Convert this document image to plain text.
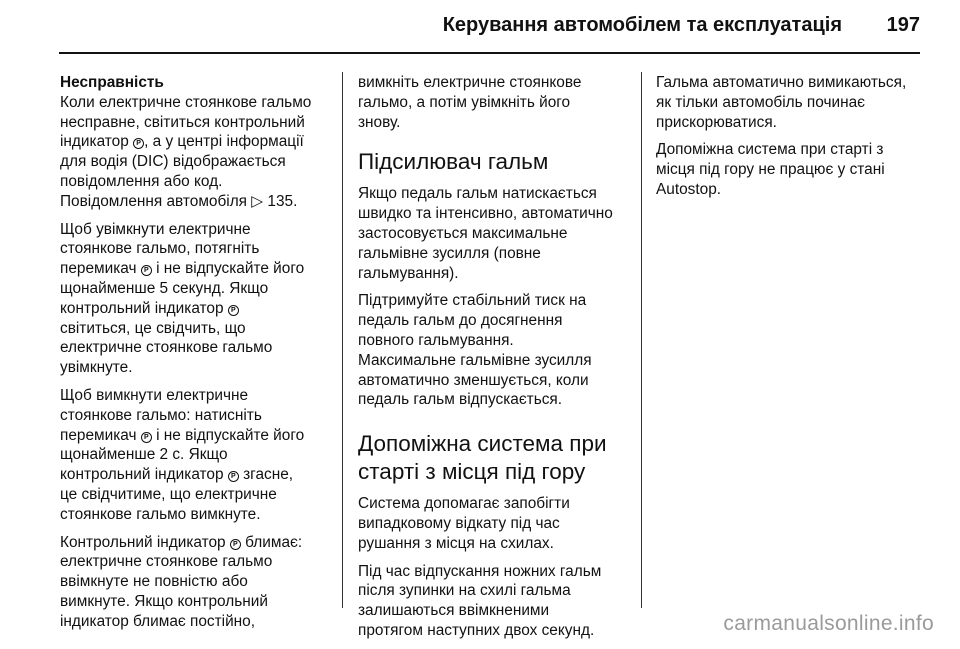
Керування автомобілем та експлуатація 197

Несправність

Коли електричне стоянкове гальмо
несправне, світиться контрольний
індикатор P , а у центрі інформації
для водія (DIC) відображається
повідомлення або код.
Повідомлення автомобіля ▷ 135.

Щоб увімкнути електричне
стоянкове гальмо, потягніть
перемикач P і не відпускайте його
щонайменше 5 секунд. Якщо
контрольний індикатор P
світиться, це свідчить, що
електричне стоянкове гальмо
увімкнуте.

Щоб вимкнути електричне
стоянкове гальмо: натисніть
перемикач P і не відпускайте його
щонайменше 2 с. Якщо
контрольний індикатор P згасне,
це свідчитиме, що електричне
стоянкове гальмо вимкнуте.

Контрольний індикатор P блимає:
електричне стоянкове гальмо
ввімкнуте не повністю або
вимкнуте. Якщо контрольний
індикатор блимає постійно,

вимкніть електричне стоянкове
гальмо, а потім увімкніть його
знову.

Підсилювач гальм

Якщо педаль гальм натискається
швидко та інтенсивно, автоматично
застосовується максимальне
гальмівне зусилля (повне
гальмування).

Підтримуйте стабільний тиск на
педаль гальм до досягнення
повного гальмування.
Максимальне гальмівне зусилля
автоматично зменшується, коли
педаль гальм відпускається.

Допоміжна система при
старті з місця під гору

Система допомагає запобігти
випадковому відкату під час
рушання з місця на схилах.

Під час відпускання ножних гальм
після зупинки на схилі гальма
залишаються ввімкненими
протягом наступних двох секунд.

Гальма автоматично вимикаються,
як тільки автомобіль починає
прискорюватися.

Допоміжна система при старті з
місця під гору не працює у стані
Autostop.

carmanualsonline.info
